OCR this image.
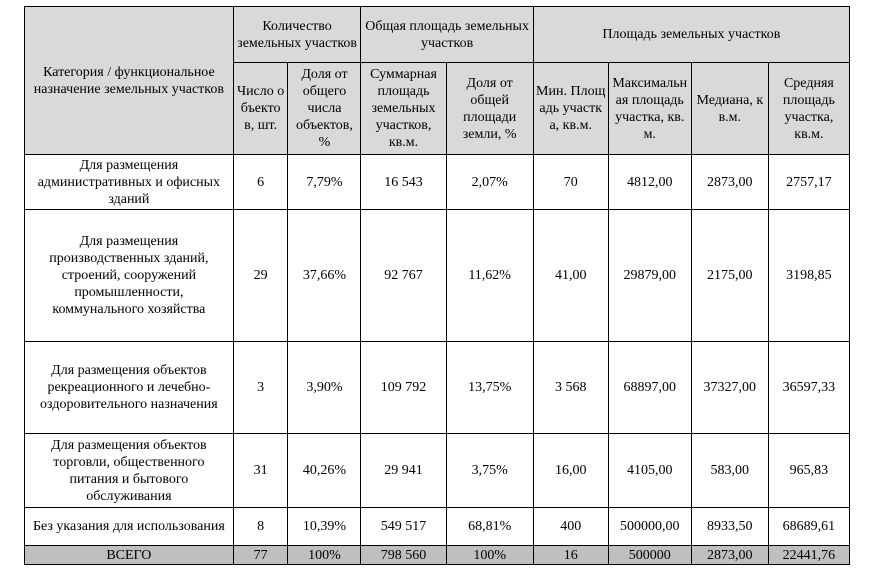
Категория / функциональное назначение земельных участков	Количество земельных участков		Общая площадь земельных участков		Площадь земельных участков			
	Число объектов, шт.	Доля от общего числа объектов, %	Суммарная площадь земельных участков, кв.м.	Доля от общей площади земли, %	Мин. Площадь участка, кв.м.	Максимальная площадь участка, кв.м.	Медиана, кв.м.	Средняя площадь участка, кв.м.
Для размещения административных и офисных зданий	6	7,79%	16 543	2,07%	70	4812,00	2873,00	2757,17
Для размещения производственных зданий, строений, сооружений промышленности, коммунального хозяйства	29	37,66%	92 767	11,62%	41,00	29879,00	2175,00	3198,85
Для размещения объектов рекреационного и лечебно-оздоровительного назначения	3	3,90%	109 792	13,75%	3 568	68897,00	37327,00	36597,33
Для размещения объектов торговли, общественного питания и бытового обслуживания	31	40,26%	29 941	3,75%	16,00	4105,00	583,00	965,83
Без указания для использования	8	10,39%	549 517	68,81%	400	500000,00	8933,50	68689,61
ВСЕГО	77	100%	798 560	100%	16	500000	2873,00	22441,76
